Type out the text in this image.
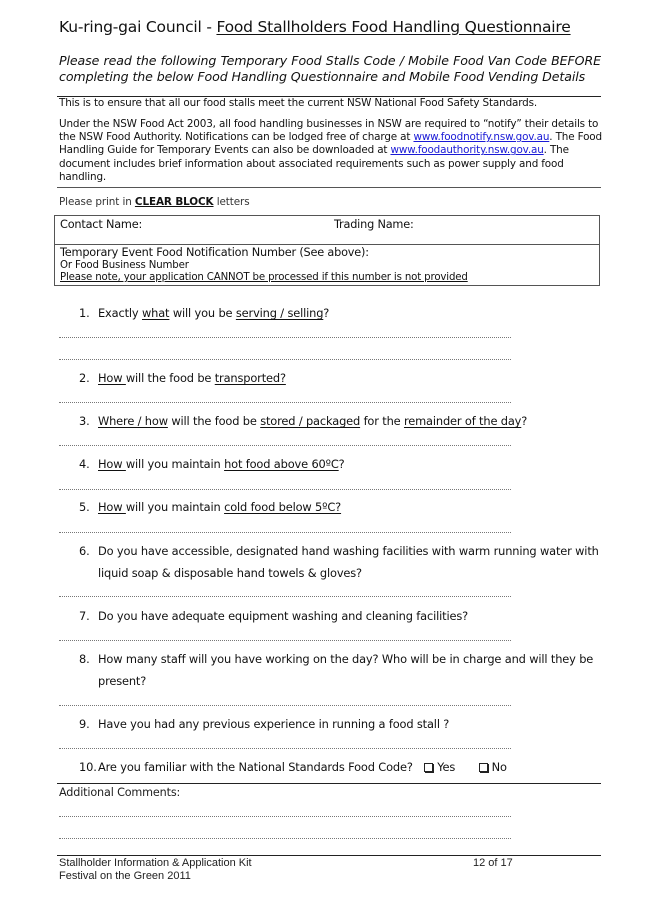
Ku-ring-gai Council - Food Stallholders Food Handling Questionnaire
Please read the following Temporary Food Stalls Code / Mobile Food Van Code BEFORE completing the below Food Handling Questionnaire and Mobile Food Vending Details
This is to ensure that all our food stalls meet the current NSW National Food Safety Standards.
Under the NSW Food Act 2003, all food handling businesses in NSW are required to “notify” their details to the NSW Food Authority. Notifications can be lodged free of charge at www.foodnotify.nsw.gov.au. The Food Handling Guide for Temporary Events can also be downloaded at www.foodauthority.nsw.gov.au. The document includes brief information about associated requirements such as power supply and food handling.
Please print in CLEAR BLOCK letters
Contact Name:	Trading Name:
Temporary Event Food Notification Number (See above):
Or Food Business Number
Please note, your application CANNOT be processed if this number is not provided
1. Exactly what will you be serving / selling?
2. How will the food be transported?
3. Where / how will the food be stored / packaged for the remainder of the day?
4. How will you maintain hot food above 60ºC?
5. How will you maintain cold food below 5ºC?
6. Do you have accessible, designated hand washing facilities with warm running water with
liquid soap & disposable hand towels & gloves?
7. Do you have adequate equipment washing and cleaning facilities?
8. How many staff will you have working on the day? Who will be in charge and will they be
present?
9. Have you had any previous experience in running a food stall ?
10.Are you familiar with the National Standards Food Code? Yes	No
Additional Comments:
Stallholder Information & Application Kit
Festival on the Green 2011
12 of 17
